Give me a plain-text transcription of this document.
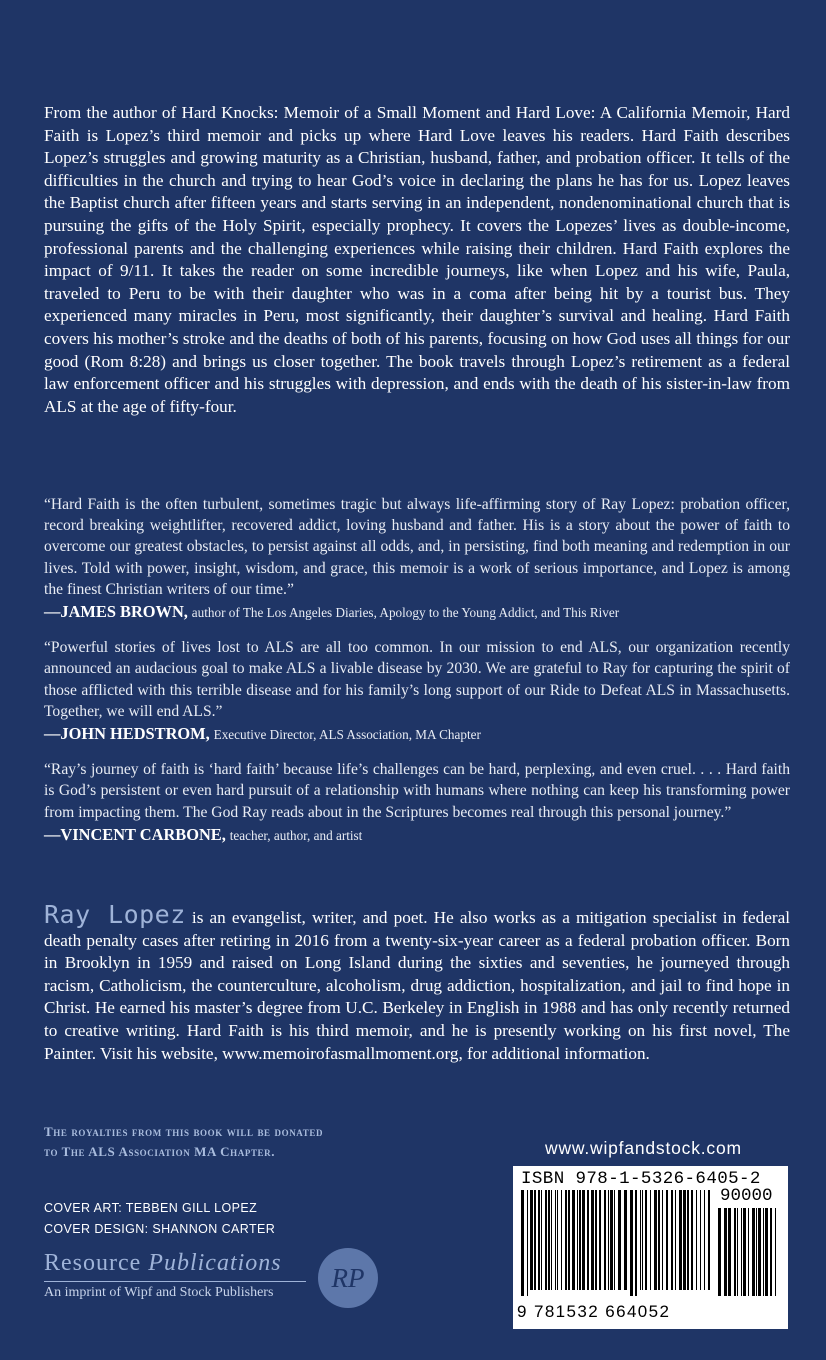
From the author of Hard Knocks: Memoir of a Small Moment and Hard Love: A California Memoir, Hard Faith is Lopez’s third memoir and picks up where Hard Love leaves his readers. Hard Faith describes Lopez’s struggles and growing maturity as a Christian, husband, father, and probation officer. It tells of the difficulties in the church and trying to hear God’s voice in declaring the plans he has for us. Lopez leaves the Baptist church after fifteen years and starts serving in an independent, nondenominational church that is pursuing the gifts of the Holy Spirit, especially prophecy. It covers the Lopezes’ lives as double-income, professional parents and the challenging experiences while raising their children. Hard Faith explores the impact of 9/11. It takes the reader on some incredible journeys, like when Lopez and his wife, Paula, traveled to Peru to be with their daughter who was in a coma after being hit by a tourist bus. They experienced many miracles in Peru, most significantly, their daughter’s survival and healing. Hard Faith covers his mother’s stroke and the deaths of both of his parents, focusing on how God uses all things for our good (Rom 8:28) and brings us closer together. The book travels through Lopez’s retirement as a federal law enforcement officer and his struggles with depression, and ends with the death of his sister-in-law from ALS at the age of fifty-four.

“Hard Faith is the often turbulent, sometimes tragic but always life-affirming story of Ray Lopez: probation officer, record breaking weightlifter, recovered addict, loving husband and father. His is a story about the power of faith to overcome our greatest obstacles, to persist against all odds, and, in persisting, find both meaning and redemption in our lives. Told with power, insight, wisdom, and grace, this memoir is a work of serious importance, and Lopez is among the finest Christian writers of our time.”

—JAMES BROWN, author of The Los Angeles Diaries, Apology to the Young Addict, and This River

“Powerful stories of lives lost to ALS are all too common. In our mission to end ALS, our organization recently announced an audacious goal to make ALS a livable disease by 2030. We are grateful to Ray for capturing the spirit of those afflicted with this terrible disease and for his family’s long support of our Ride to Defeat ALS in Massachusetts. Together, we will end ALS.”

—JOHN HEDSTROM, Executive Director, ALS Association, MA Chapter

“Ray’s journey of faith is ‘hard faith’ because life’s challenges can be hard, perplexing, and even cruel. . . . Hard faith is God’s persistent or even hard pursuit of a relationship with humans where nothing can keep his transforming power from impacting them. The God Ray reads about in the Scriptures becomes real through this personal journey.”

—VINCENT CARBONE, teacher, author, and artist

Ray Lopez is an evangelist, writer, and poet. He also works as a mitigation specialist in federal death penalty cases after retiring in 2016 from a twenty-six-year career as a federal probation officer. Born in Brooklyn in 1959 and raised on Long Island during the sixties and seventies, he journeyed through racism, Catholicism, the counterculture, alcoholism, drug addiction, hospitalization, and jail to find hope in Christ. He earned his master’s degree from U.C. Berkeley in English in 1988 and has only recently returned to creative writing. Hard Faith is his third memoir, and he is presently working on his first novel, The Painter. Visit his website, www.memoirofasmallmoment.org, for additional information.

The royalties from this book will be donated
to The ALS Association MA Chapter.
COVER ART: TEBBEN GILL LOPEZ
COVER DESIGN: SHANNON CARTER
Resource Publications
An imprint of Wipf and Stock Publishers	RP
www.wipfandstock.com
ISBN 978-1-5326-6405-2
90000
9 781532 664052
